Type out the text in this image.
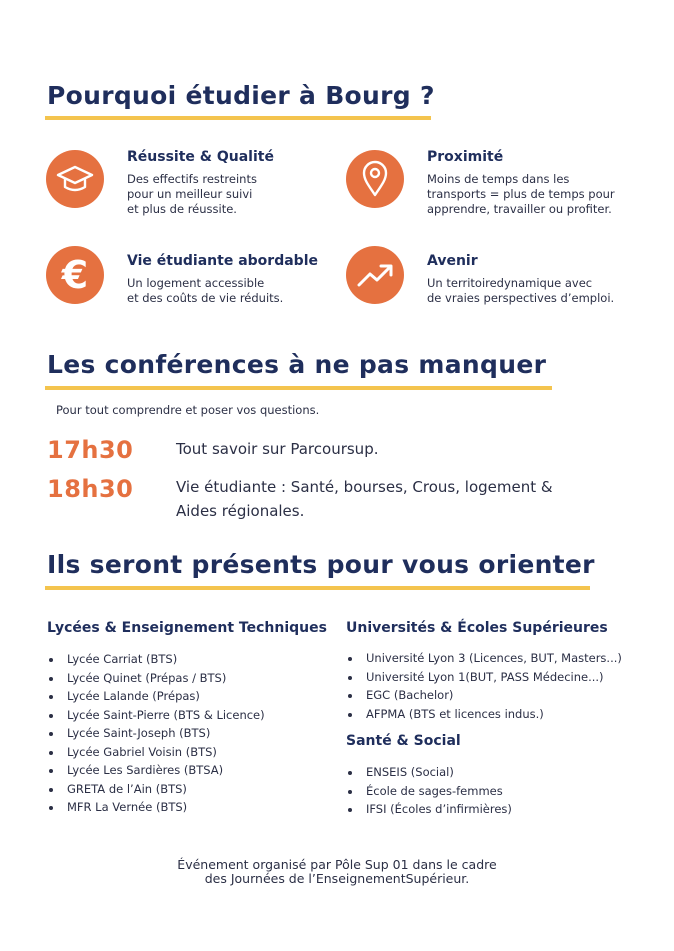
Pourquoi étudier à Bourg ?
Réussite & Qualité
Des effectifs restreints
pour un meilleur suivi
et plus de réussite.
Proximité
Moins de temps dans les
transports = plus de temps pour
apprendre, travailler ou profiter.
€	Vie étudiante abordable
Un logement accessible
et des coûts de vie réduits.
Avenir
Un territoiredynamique avec
de vraies perspectives d’emploi.
Les conférences à ne pas manquer
Pour tout comprendre et poser vos questions.
17h30	Tout savoir sur Parcoursup.
18h30	Vie étudiante : Santé, bourses, Crous, logement & Aides régionales.
Ils seront présents pour vous orienter
Lycées & Enseignement Techniques
Lycée Carriat (BTS)
Lycée Quinet (Prépas / BTS)
Lycée Lalande (Prépas)
Lycée Saint-Pierre (BTS & Licence)
Lycée Saint-Joseph (BTS)
Lycée Gabriel Voisin (BTS)
Lycée Les Sardières (BTSA)
GRETA de l’Ain (BTS)
MFR La Vernée (BTS)
Universités & Écoles Supérieures
Université Lyon 3 (Licences, BUT, Masters...)
Université Lyon 1(BUT, PASS Médecine...)
EGC (Bachelor)
AFPMA (BTS et licences indus.)
Santé & Social
ENSEIS (Social)
École de sages-femmes
IFSI (Écoles d’infirmières)
Événement organisé par Pôle Sup 01 dans le cadre
des Journées de l’EnseignementSupérieur.
